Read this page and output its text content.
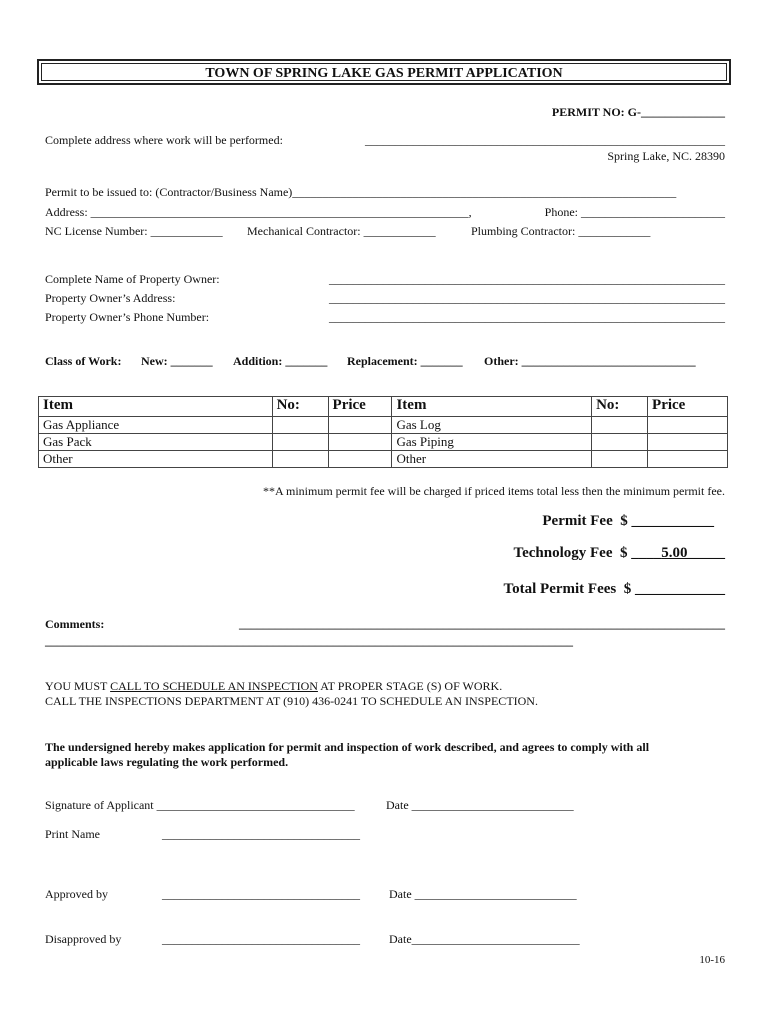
TOWN OF SPRING LAKE GAS PERMIT APPLICATION
PERMIT NO: G-______________
Complete address where work will be performed:	____________________________________________________________
Spring Lake, NC. 28390
Permit to be issued to: (Contractor/Business Name)________________________________________________________________
Address: _______________________________________________________________,	Phone: ________________________
NC License Number: ____________ Mechanical Contractor: ____________	Plumbing Contractor: ____________
Complete Name of Property Owner:	__________________________________________________________________
Property Owner’s Address:	__________________________________________________________________
Property Owner’s Phone Number:	__________________________________________________________________
Class of Work: New: _______ Addition: _______ Replacement: _______ Other: _____________________________
Item	No:	Price	Item	No:	Price
Gas Appliance			Gas Log		
Gas Pack			Gas Piping		
Other			Other		
**A minimum permit fee will be charged if priced items total less then the minimum permit fee.
Permit Fee  $ ___________
Technology Fee  $ ____5.00_____
Total Permit Fees  $ ____________
Comments:	_________________________________________________________________________________
________________________________________________________________________________________
YOU MUST CALL TO SCHEDULE AN INSPECTION AT PROPER STAGE (S) OF WORK.
CALL THE INSPECTIONS DEPARTMENT AT (910) 436-0241 TO SCHEDULE AN INSPECTION.
The undersigned hereby makes application for permit and inspection of work described, and agrees to comply with all
applicable laws regulating the work performed.
Signature of Applicant _________________________________	Date ___________________________
Print Name	_________________________________
Approved by	_________________________________ Date ___________________________
Disapproved by	_________________________________ Date____________________________
10-16
